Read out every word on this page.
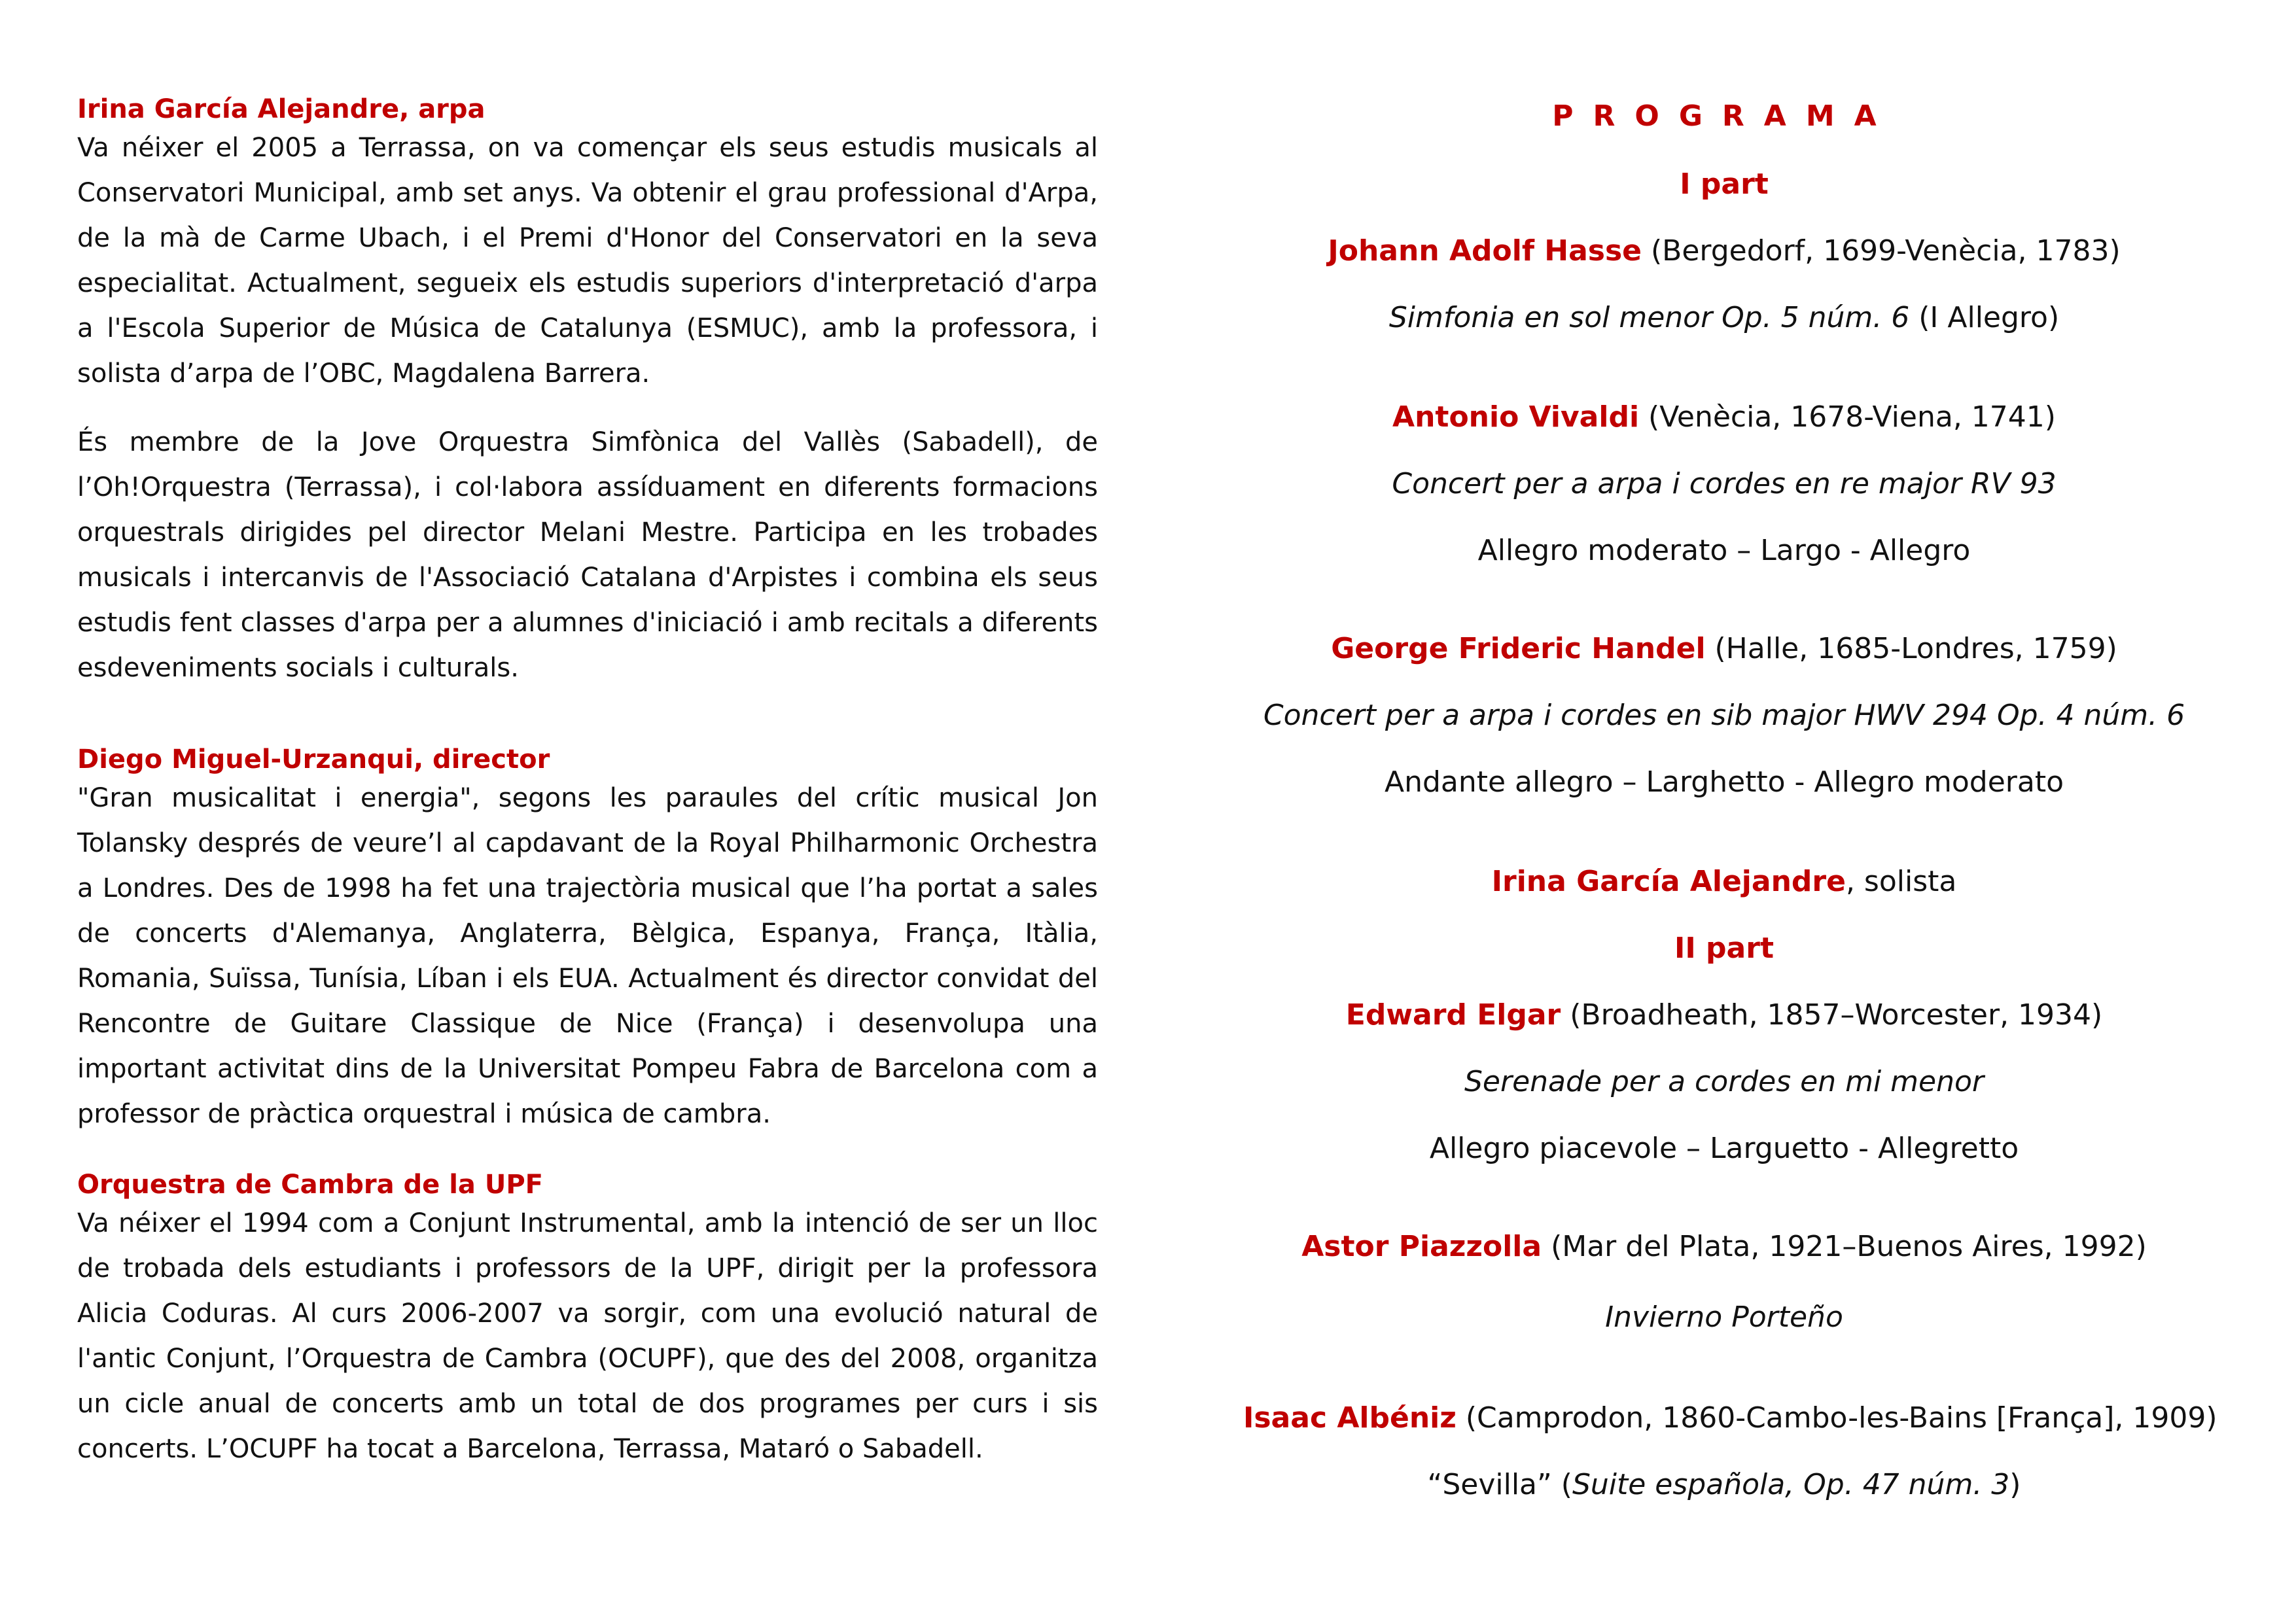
Irina García Alejandre, arpa

Va néixer el 2005 a Terrassa, on va començar els seus estudis musicals al Conservatori Municipal, amb set anys. Va obtenir el grau professional d'Arpa, de la mà de Carme Ubach, i el Premi d'Honor del Conservatori en la seva especialitat. Actualment, segueix els estudis superiors d'interpretació d'arpa a l'Escola Superior de Música de Catalunya (ESMUC), amb la professora, i solista d’arpa de l’OBC, Magdalena Barrera.

És membre de la Jove Orquestra Simfònica del Vallès (Sabadell), de l’Oh!Orquestra (Terrassa), i col·labora assíduament en diferents formacions orquestrals dirigides pel director Melani Mestre. Participa en les trobades musicals i intercanvis de l'Associació Catalana d'Arpistes i combina els seus estudis fent classes d'arpa per a alumnes d'iniciació i amb recitals a diferents esdeveniments socials i culturals.

Diego Miguel-Urzanqui, director

"Gran musicalitat i energia", segons les paraules del crític musical Jon Tolansky després de veure’l al capdavant de la Royal Philharmonic Orchestra a Londres. Des de 1998 ha fet una trajectòria musical que l’ha portat a sales de concerts d'Alemanya, Anglaterra, Bèlgica, Espanya, França, Itàlia, Romania, Suïssa, Tunísia, Líban i els EUA. Actualment és director convidat del Rencontre de Guitare Classique de Nice (França) i desenvolupa una important activitat dins de la Universitat Pompeu Fabra de Barcelona com a professor de pràctica orquestral i música de cambra.

Orquestra de Cambra de la UPF

Va néixer el 1994 com a Conjunt Instrumental, amb la intenció de ser un lloc de trobada dels estudiants i professors de la UPF, dirigit per la professora Alicia Coduras. Al curs 2006-2007 va sorgir, com una evolució natural de l'antic Conjunt, l’Orquestra de Cambra (OCUPF), que des del 2008, organitza un cicle anual de concerts amb un total de dos programes per curs i sis concerts. L’OCUPF ha tocat a Barcelona, Terrassa, Mataró o Sabadell.

PROGRAMA
I part
Johann Adolf Hasse (Bergedorf, 1699-Venècia, 1783)
Simfonia en sol menor Op. 5 núm. 6 (I Allegro)
Antonio Vivaldi (Venècia, 1678-Viena, 1741)
Concert per a arpa i cordes en re major RV 93
Allegro moderato – Largo - Allegro
George Frideric Handel (Halle, 1685-Londres, 1759)
Concert per a arpa i cordes en sib major HWV 294 Op. 4 núm. 6
Andante allegro – Larghetto - Allegro moderato
Irina García Alejandre, solista
II part
Edward Elgar (Broadheath, 1857–Worcester, 1934)
Serenade per a cordes en mi menor
Allegro piacevole – Larguetto - Allegretto
Astor Piazzolla (Mar del Plata, 1921–Buenos Aires, 1992)
Invierno Porteño
Isaac Albéniz (Camprodon, 1860-Cambo-les-Bains [França], 1909)
“Sevilla” (Suite española, Op. 47 núm. 3)
